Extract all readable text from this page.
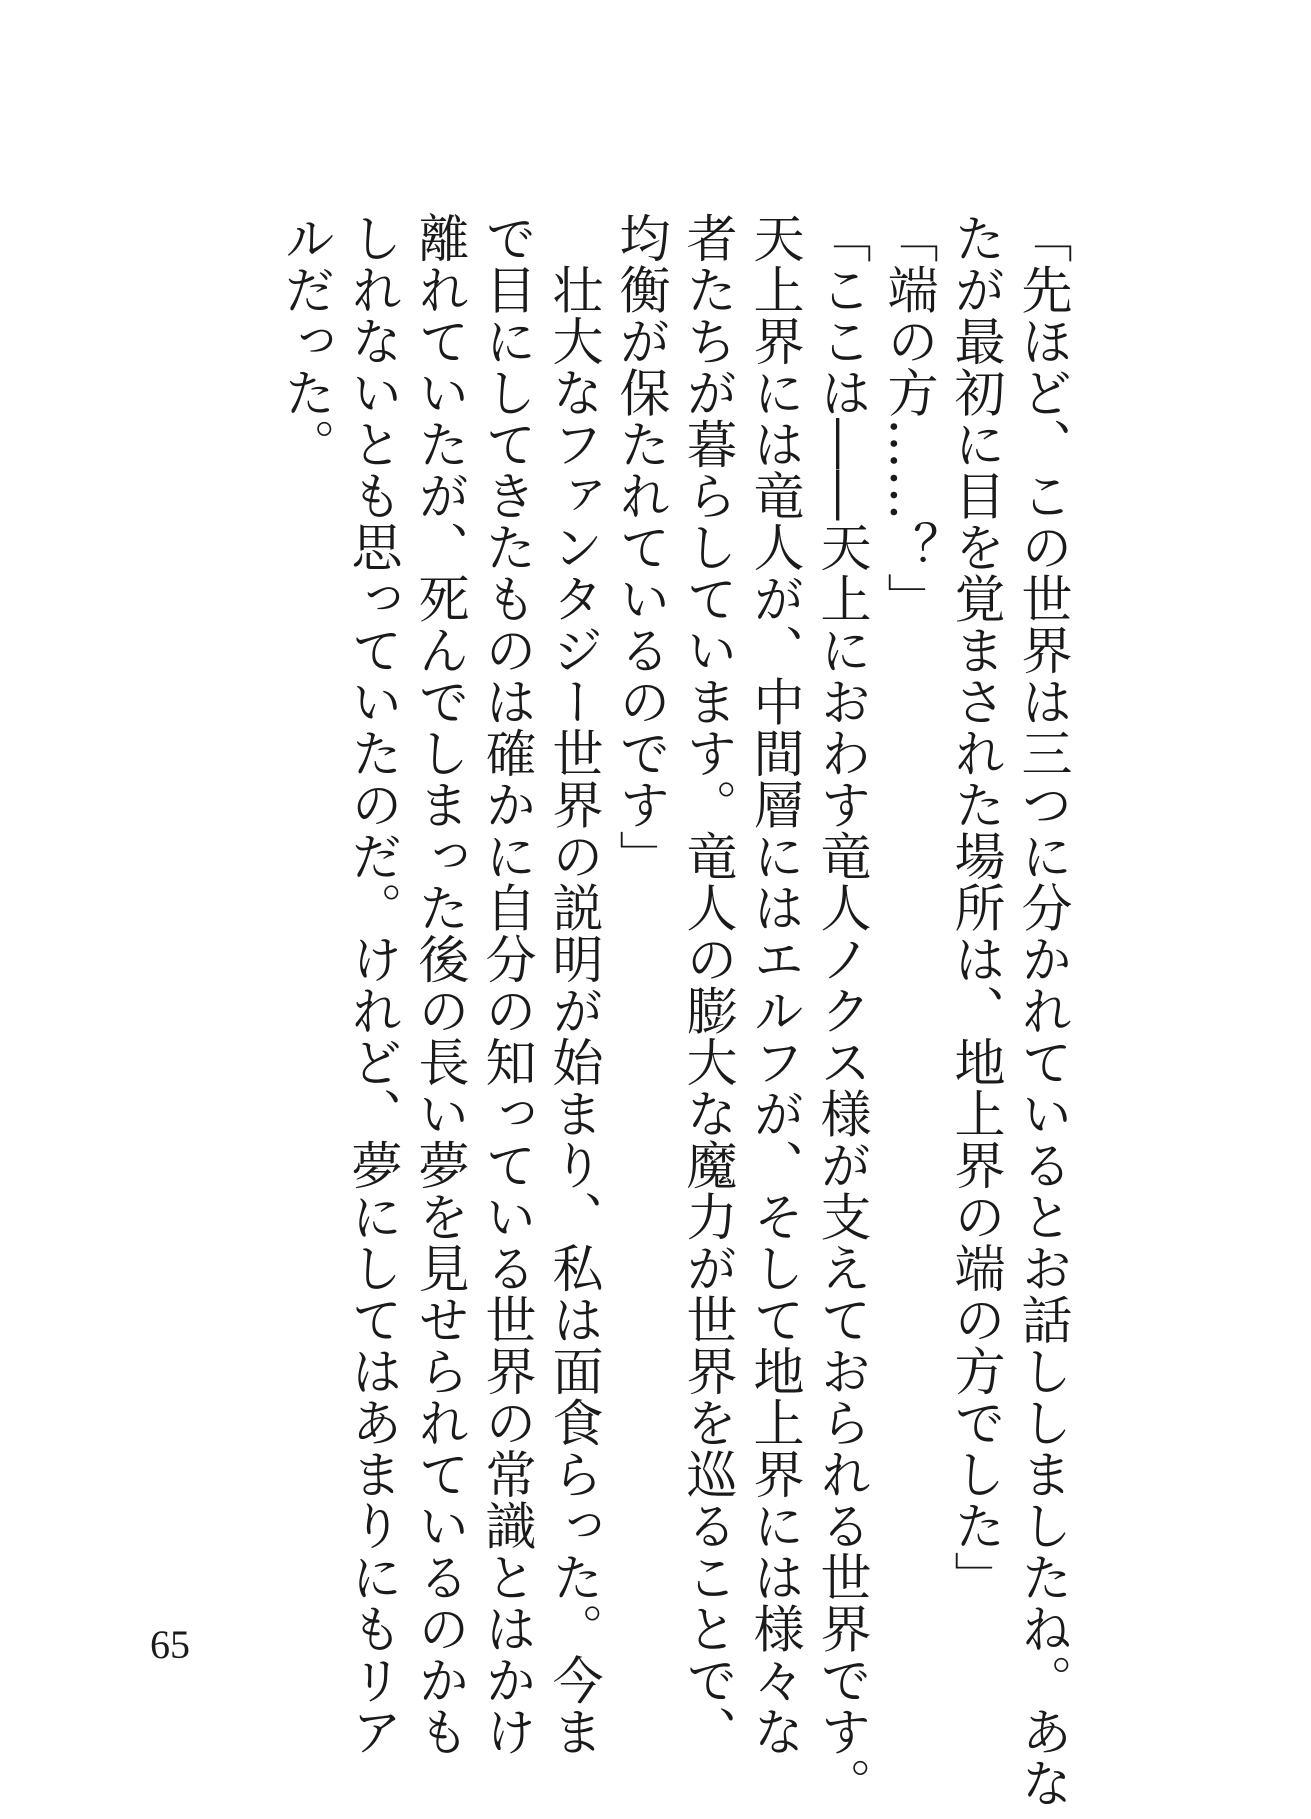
「先ほど、この世界は三つに分かれているとお話ししましたね。あな
たが最初に目を覚まされた場所は、地上界の端の方でした」
「端の方……？」
「ここは――天上におわす竜人ノクス様が支えておられる世界です。
天上界には竜人が、中間層にはエルフが、そして地上界には様々な
者たちが暮らしています。竜人の膨大な魔力が世界を巡ることで、
均衡が保たれているのです」
　壮大なファンタジー世界の説明が始まり、私は面食らった。今ま
で目にしてきたものは確かに自分の知っている世界の常識とはかけ
離れていたが、死んでしまった後の長い夢を見せられているのかも
しれないとも思っていたのだ。けれど、夢にしてはあまりにもリア
ルだった。
65
